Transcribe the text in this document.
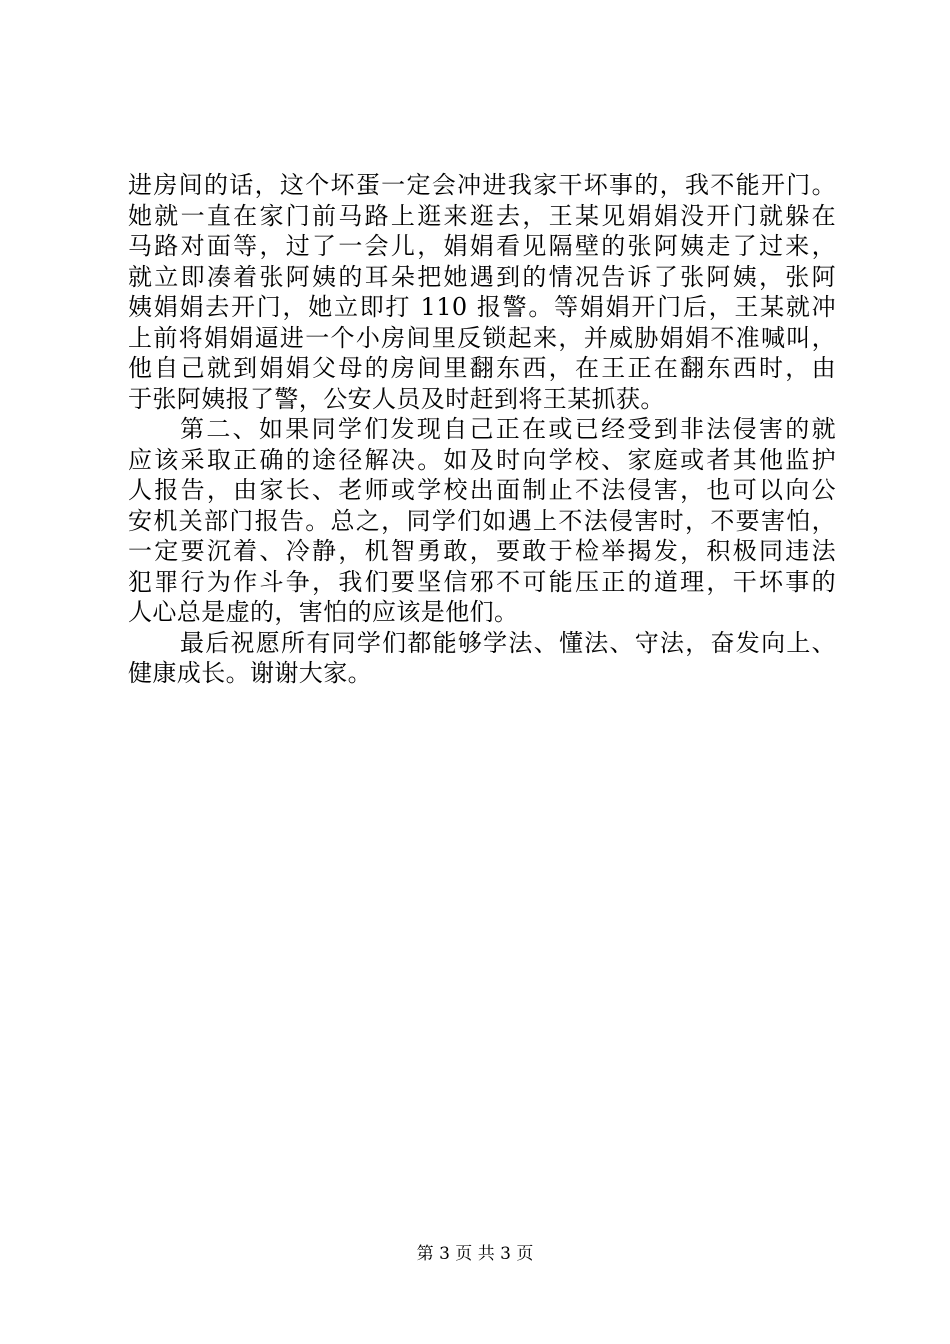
进房间的话，这个坏蛋一定会冲进我家干坏事的，我不能开门。
她就一直在家门前马路上逛来逛去，王某见娟娟没开门就躲在
马路对面等，过了一会儿，娟娟看见隔壁的张阿姨走了过来，
就立即凑着张阿姨的耳朵把她遇到的情况告诉了张阿姨，张阿
姨娟娟去开门，她立即打 110 报警。等娟娟开门后，王某就冲
上前将娟娟逼进一个小房间里反锁起来，并威胁娟娟不准喊叫，
他自己就到娟娟父母的房间里翻东西，在王正在翻东西时，由
于张阿姨报了警，公安人员及时赶到将王某抓获。
第二、如果同学们发现自己正在或已经受到非法侵害的就
应该采取正确的途径解决。如及时向学校、家庭或者其他监护
人报告，由家长、老师或学校出面制止不法侵害，也可以向公
安机关部门报告。总之，同学们如遇上不法侵害时，不要害怕，
一定要沉着、冷静，机智勇敢，要敢于检举揭发，积极同违法
犯罪行为作斗争，我们要坚信邪不可能压正的道理，干坏事的
人心总是虚的，害怕的应该是他们。
最后祝愿所有同学们都能够学法、懂法、守法，奋发向上、
健康成长。谢谢大家。
第 3 页 共 3 页
